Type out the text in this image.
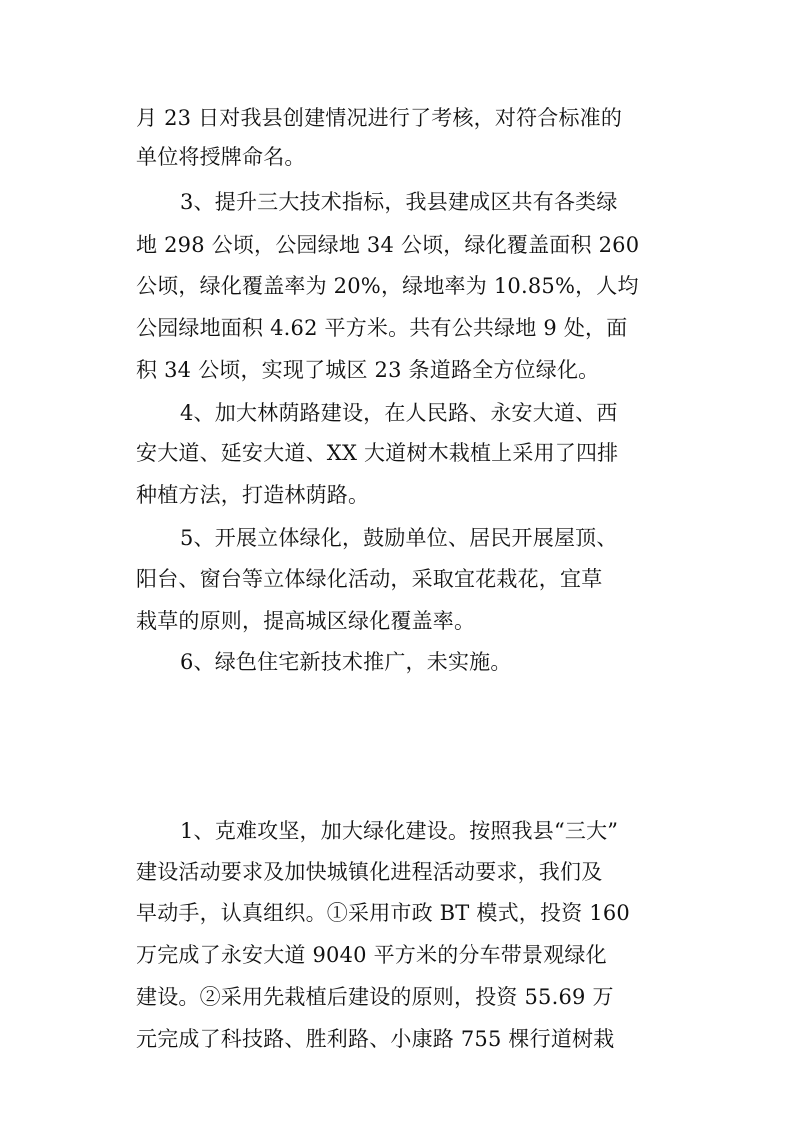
月 23 日对我县创建情况进行了考核，对符合标准的
单位将授牌命名。
3、提升三大技术指标，我县建成区共有各类绿
地 298 公顷，公园绿地 34 公顷，绿化覆盖面积 260
公顷，绿化覆盖率为 20%，绿地率为 10.85%，人均
公园绿地面积 4.62 平方米。共有公共绿地 9 处，面
积 34 公顷，实现了城区 23 条道路全方位绿化。
4、加大林荫路建设，在人民路、永安大道、西
安大道、延安大道、XX 大道树木栽植上采用了四排
种植方法，打造林荫路。
5、开展立体绿化，鼓励单位、居民开展屋顶、
阳台、窗台等立体绿化活动，采取宜花栽花，宜草
栽草的原则，提高城区绿化覆盖率。
6、绿色住宅新技术推广，未实施。
1、克难攻坚，加大绿化建设。按照我县“三大”
建设活动要求及加快城镇化进程活动要求，我们及
早动手，认真组织。①采用市政 BT 模式，投资 160
万完成了永安大道 9040 平方米的分车带景观绿化
建设。②采用先栽植后建设的原则，投资 55.69 万
元完成了科技路、胜利路、小康路 755 棵行道树栽
